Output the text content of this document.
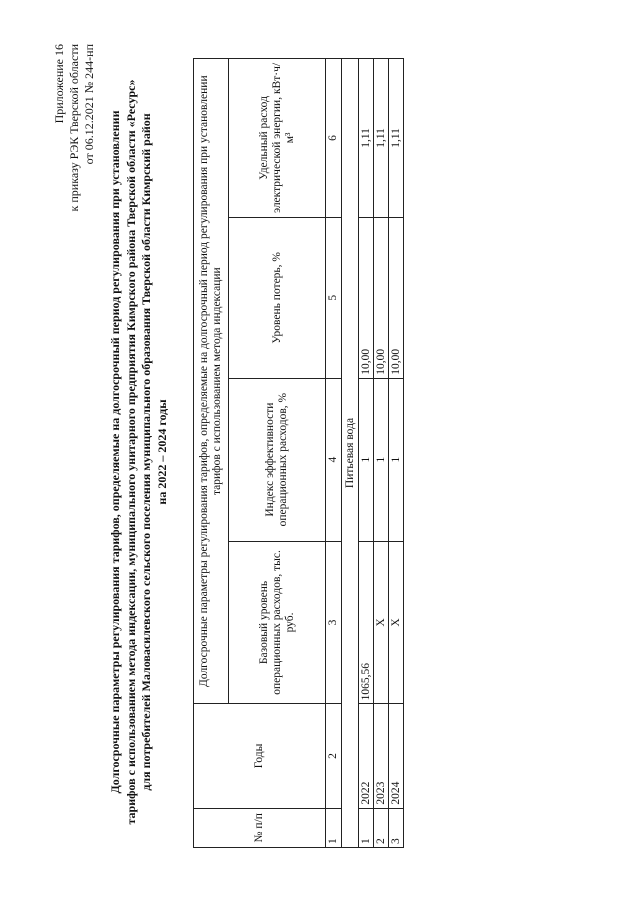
Приложение 16 к приказу РЭК Тверской области от 06.12.2021 № 244-нп
Долгосрочные параметры регулирования тарифов, определяемые на долгосрочный период регулирования при установлении тарифов с использованием метода индексации, муниципального унитарного предприятия Кимрского района Тверской области «Ресурс» для потребителей Маловасилевского сельского поселения муниципального образования Тверской области Кимрский район на 2022 – 2024 годы
№ п/п	Годы	Долгосрочные параметры регулирования тарифов, определяемые на долгосрочный период регулирования при установлении тарифов с использованием метода индексации			
		Базовый уровень операционных расходов, тыс. руб.	Индекс эффективности операционных расходов, %	Уровень потерь, %	Удельный расход электрической энергии, кВт·ч/м³
1	2	3	4	5	6
Питьевая вода					
1	2022	1065,56	1	10,00	1,11
2	2023	Х	1	10,00	1,11
3	2024	Х	1	10,00	1,11
